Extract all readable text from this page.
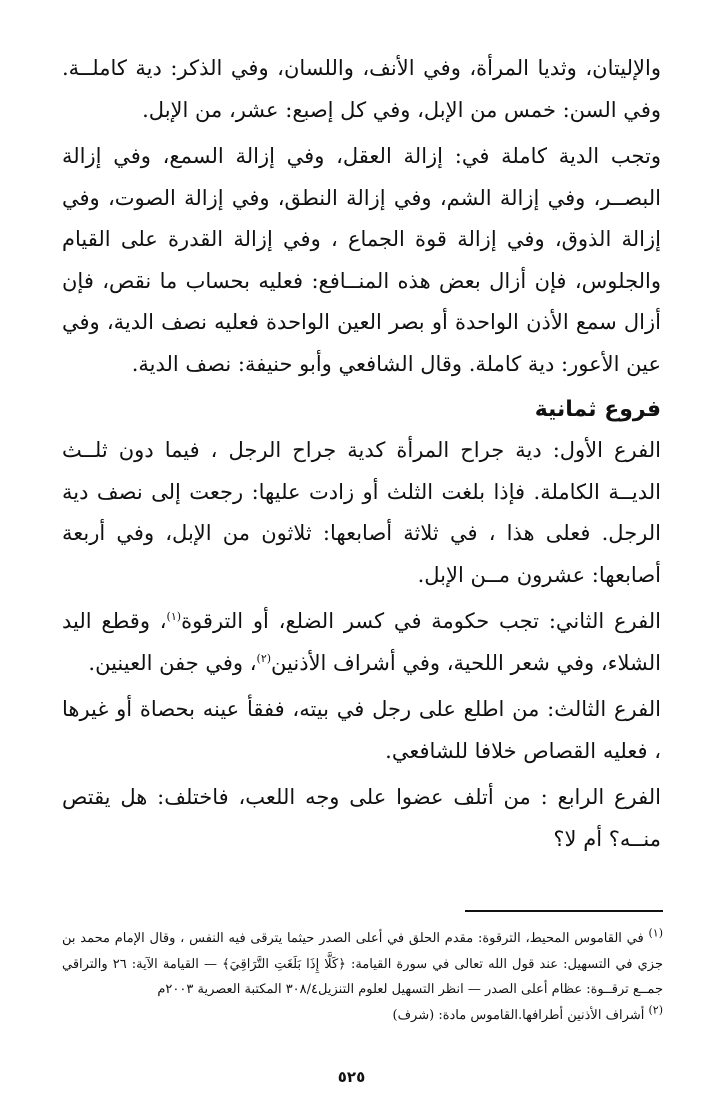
والإليتان، وثديا المرأة، وفي الأنف، واللسان، وفي الذكر: دية كاملــة. وفي السن: خمس من الإبل، وفي كل إصبع: عشر، من الإبل.

وتجب الدية كاملة في: إزالة العقل، وفي إزالة السمع، وفي إزالة البصــر، وفي إزالة الشم، وفي إزالة النطق، وفي إزالة الصوت، وفي إزالة الذوق، وفي إزالة قوة الجماع ، وفي إزالة القدرة على القيام والجلوس، فإن أزال بعض هذه المنــافع: فعليه بحساب ما نقص، فإن أزال سمع الأذن الواحدة أو بصر العين الواحدة فعليه نصف الدية، وفي عين الأعور: دية كاملة. وقال الشافعي وأبو حنيفة: نصف الدية.

فروع ثمانية

الفرع الأول: دية جراح المرأة كدية جراح الرجل ، فيما دون ثلــث الديــة الكاملة. فإذا بلغت الثلث أو زادت عليها: رجعت إلى نصف دية الرجل. فعلى هذا ، في ثلاثة أصابعها: ثلاثون من الإبل، وفي أربعة أصابعها: عشرون مــن الإبل.

الفرع الثاني: تجب حكومة في كسر الضلع، أو الترقوة$^{(١)}$، وقطع اليد الشلاء، وفي شعر اللحية، وفي أشراف الأذنين$^{(٢)}$، وفي جفن العينين.

الفرع الثالث: من اطلع على رجل في بيته، ففقأ عينه بحصاة أو غيرها ، فعليه القصاص خلافا للشافعي.

الفرع الرابع : من أتلف عضوا على وجه اللعب، فاختلف: هل يقتص منــه؟ أم لا؟

$^{(١)}$ في القاموس المحيط، الترقوة: مقدم الحلق في أعلى الصدر حيثما يترقى فيه النفس ، وقال الإمام محمد بن جزي في التسهيل: عند قول الله تعالى في سورة القيامة: ﴿كَلَّا إِذَا بَلَغَتِ التَّرَاقِيَ﴾ — القيامة الآية: ٢٦ والتراقي جمــع ترقــوة: عظام أعلى الصدر — انظر التسهيل لعلوم التنزيل٣٠٨/٤ المكتبة العصرية ٢٠٠٣م

$^{(٢)}$ أشراف الأذنين أطرافها.القاموس مادة: (شرف)

٥٢٥
